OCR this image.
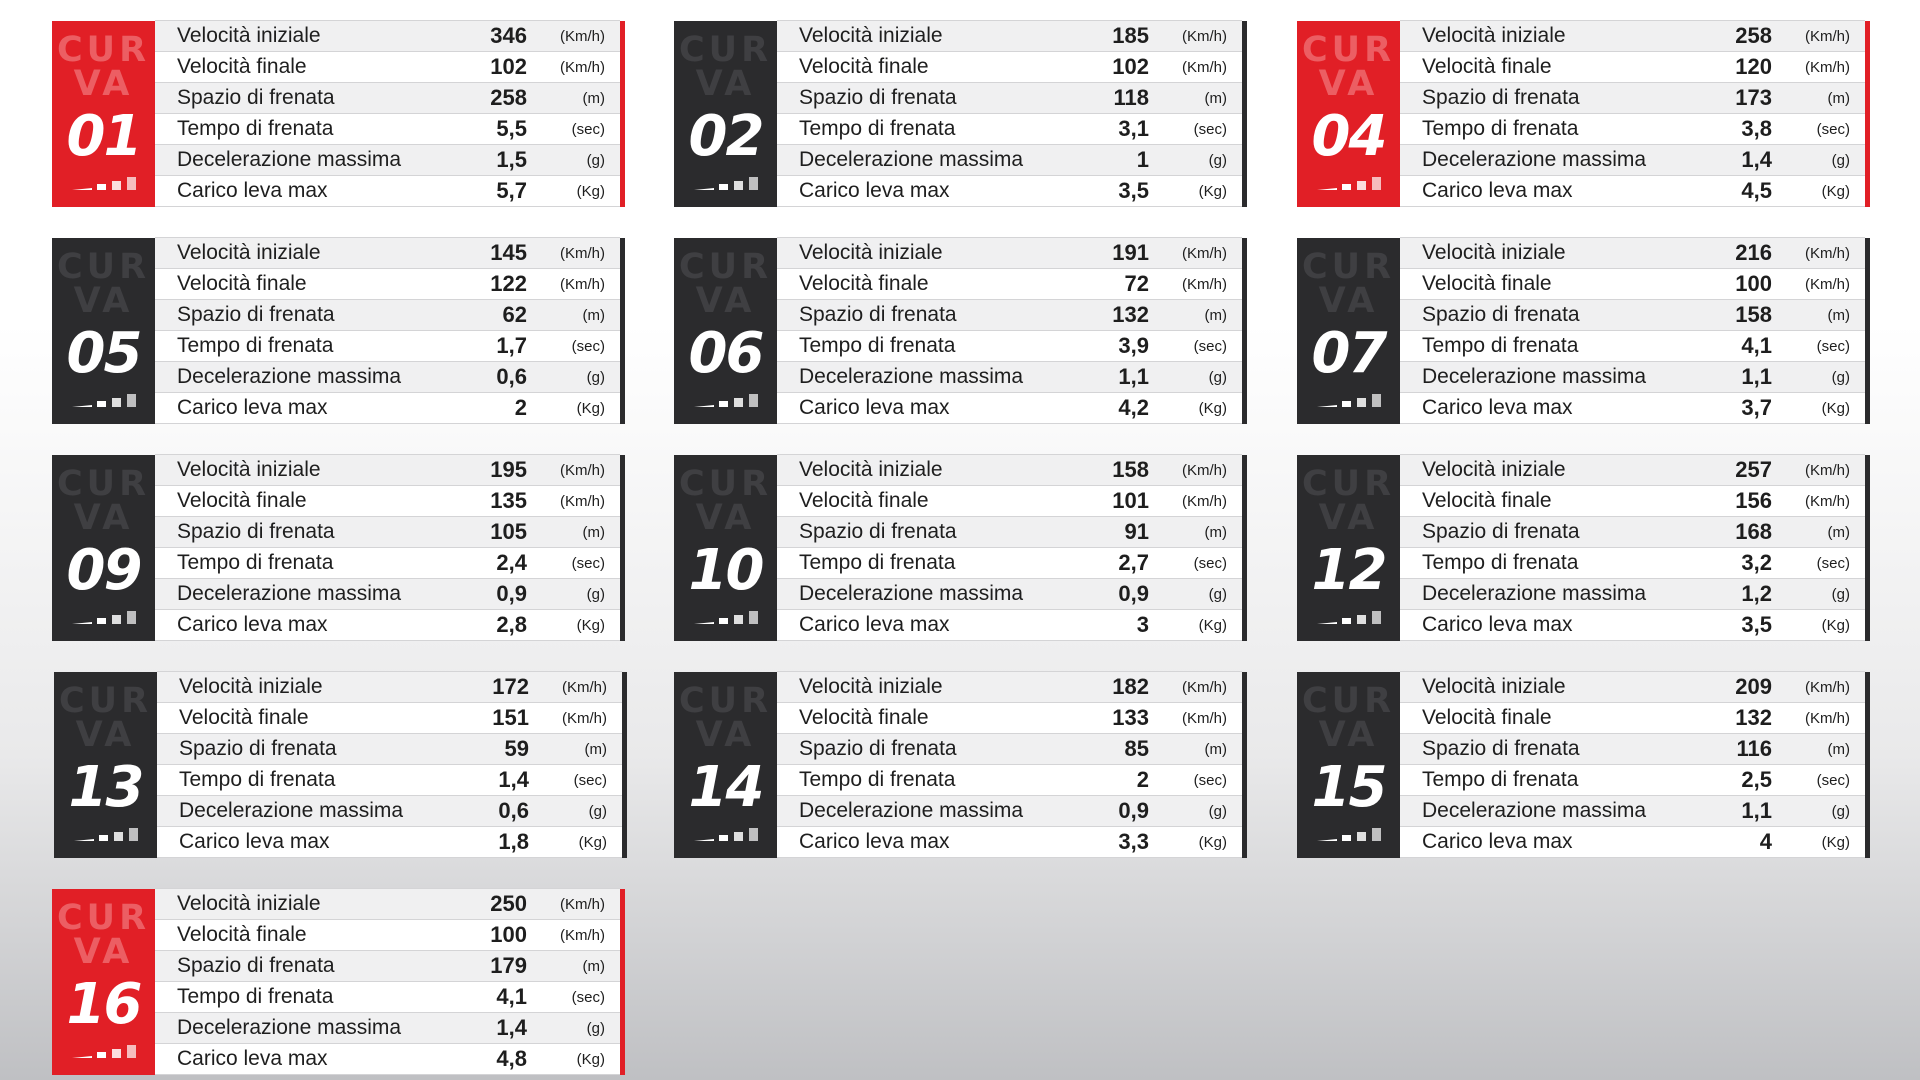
CUR
VA
01
Velocità iniziale	346	(Km/h)
Velocità finale	102	(Km/h)
Spazio di frenata	258	(m)
Tempo di frenata	5,5	(sec)
Decelerazione massima	1,5	(g)
Carico leva max	5,7	(Kg)
CUR
VA
02
Velocità iniziale	185	(Km/h)
Velocità finale	102	(Km/h)
Spazio di frenata	118	(m)
Tempo di frenata	3,1	(sec)
Decelerazione massima	1	(g)
Carico leva max	3,5	(Kg)
CUR
VA
04
Velocità iniziale	258	(Km/h)
Velocità finale	120	(Km/h)
Spazio di frenata	173	(m)
Tempo di frenata	3,8	(sec)
Decelerazione massima	1,4	(g)
Carico leva max	4,5	(Kg)
CUR
VA
05
Velocità iniziale	145	(Km/h)
Velocità finale	122	(Km/h)
Spazio di frenata	62	(m)
Tempo di frenata	1,7	(sec)
Decelerazione massima	0,6	(g)
Carico leva max	2	(Kg)
CUR
VA
06
Velocità iniziale	191	(Km/h)
Velocità finale	72	(Km/h)
Spazio di frenata	132	(m)
Tempo di frenata	3,9	(sec)
Decelerazione massima	1,1	(g)
Carico leva max	4,2	(Kg)
CUR
VA
07
Velocità iniziale	216	(Km/h)
Velocità finale	100	(Km/h)
Spazio di frenata	158	(m)
Tempo di frenata	4,1	(sec)
Decelerazione massima	1,1	(g)
Carico leva max	3,7	(Kg)
CUR
VA
09
Velocità iniziale	195	(Km/h)
Velocità finale	135	(Km/h)
Spazio di frenata	105	(m)
Tempo di frenata	2,4	(sec)
Decelerazione massima	0,9	(g)
Carico leva max	2,8	(Kg)
CUR
VA
10
Velocità iniziale	158	(Km/h)
Velocità finale	101	(Km/h)
Spazio di frenata	91	(m)
Tempo di frenata	2,7	(sec)
Decelerazione massima	0,9	(g)
Carico leva max	3	(Kg)
CUR
VA
12
Velocità iniziale	257	(Km/h)
Velocità finale	156	(Km/h)
Spazio di frenata	168	(m)
Tempo di frenata	3,2	(sec)
Decelerazione massima	1,2	(g)
Carico leva max	3,5	(Kg)
CUR
VA
13
Velocità iniziale	172	(Km/h)
Velocità finale	151	(Km/h)
Spazio di frenata	59	(m)
Tempo di frenata	1,4	(sec)
Decelerazione massima	0,6	(g)
Carico leva max	1,8	(Kg)
CUR
VA
14
Velocità iniziale	182	(Km/h)
Velocità finale	133	(Km/h)
Spazio di frenata	85	(m)
Tempo di frenata	2	(sec)
Decelerazione massima	0,9	(g)
Carico leva max	3,3	(Kg)
CUR
VA
15
Velocità iniziale	209	(Km/h)
Velocità finale	132	(Km/h)
Spazio di frenata	116	(m)
Tempo di frenata	2,5	(sec)
Decelerazione massima	1,1	(g)
Carico leva max	4	(Kg)
CUR
VA
16
Velocità iniziale	250	(Km/h)
Velocità finale	100	(Km/h)
Spazio di frenata	179	(m)
Tempo di frenata	4,1	(sec)
Decelerazione massima	1,4	(g)
Carico leva max	4,8	(Kg)
